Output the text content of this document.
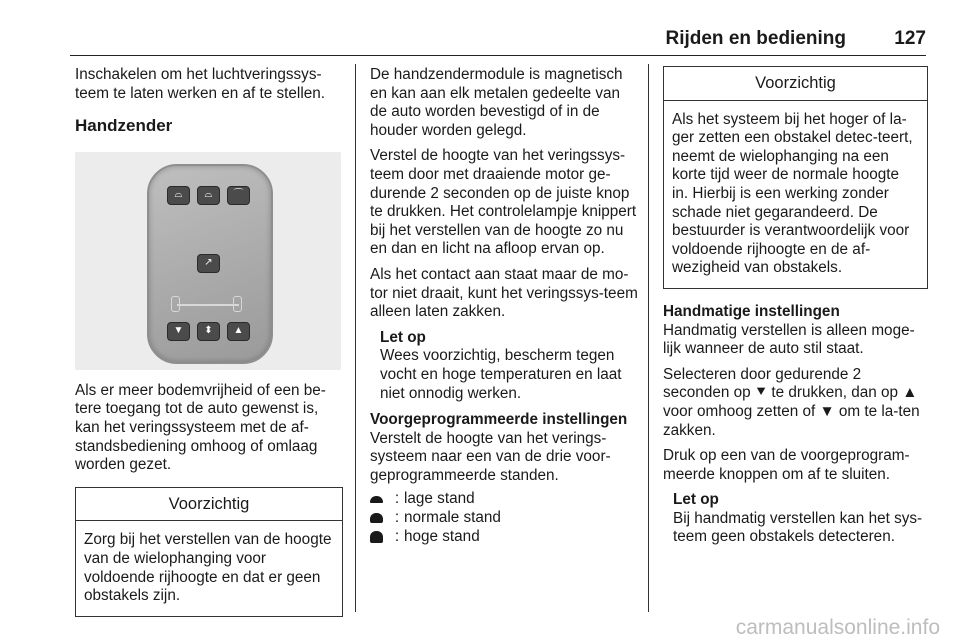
Rijden en bediening	127

Inschakelen om het luchtveringssys-teem te laten werken en af te stellen.

Handzender
⌓	⌓	⌒
↗
▼	⬍	▲

Als er meer bodemvrijheid of een be-tere toegang tot de auto gewenst is, kan het veringssysteem met de af-standsbediening omhoog of omlaag worden gezet.

Voorzichtig
Zorg bij het verstellen van de hoogte van de wielophanging voor voldoende rijhoogte en dat er geen obstakels zijn.

De handzendermodule is magnetisch en kan aan elk metalen gedeelte van de auto worden bevestigd of in de houder worden gelegd.

Verstel de hoogte van het veringssys-teem door met draaiende motor ge-durende 2 seconden op de juiste knop te drukken. Het controlelampje knippert bij het verstellen van de hoogte zo nu en dan en licht na afloop ervan op.

Als het contact aan staat maar de mo-tor niet draait, kunt het veringssys-teem alleen laten zakken.

Let op
Wees voorzichtig, bescherm tegen vocht en hoge temperaturen en laat niet onnodig werken.
Voorgeprogrammeerde instellingen

Verstelt de hoogte van het verings-systeem naar een van de drie voor-geprogrammeerde standen.

: lage stand
: normale stand
: hoge stand
Voorzichtig
Als het systeem bij het hoger of la-ger zetten een obstakel detec-teert, neemt de wielophanging na een korte tijd weer de normale hoogte in. Hierbij is een werking zonder schade niet gegarandeerd. De bestuurder is verantwoordelijk voor voldoende rijhoogte en de af-wezigheid van obstakels.
Handmatige instellingen

Handmatig verstellen is alleen moge-lijk wanneer de auto stil staat.

Selecteren door gedurende 2 seconden op ⯆ te drukken, dan op ▲ voor omhoog zetten of ▼ om te la-ten zakken.

Druk op een van de voorgeprogram-meerde knoppen om af te sluiten.

Let op
Bij handmatig verstellen kan het sys-teem geen obstakels detecteren.
carmanualsonline.info
